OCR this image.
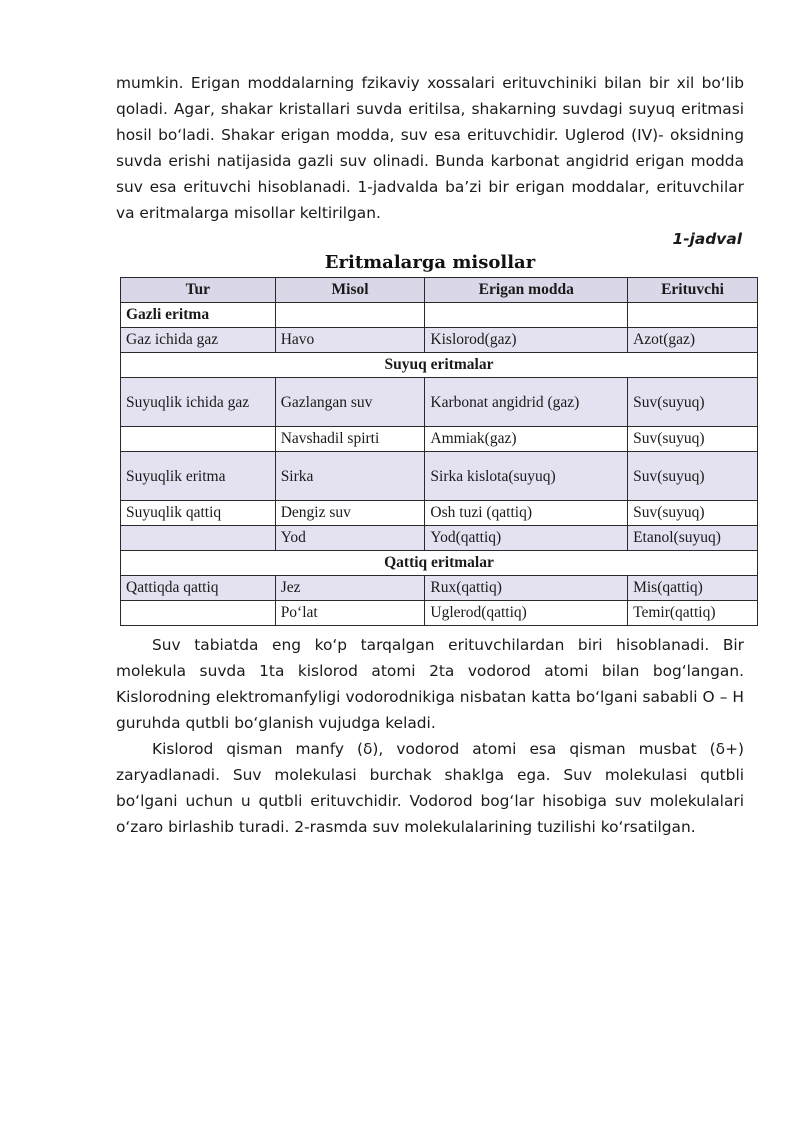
mumkin. Erigan moddalarning fzikaviy xossalari erituvchiniki bilan bir xil bo‘lib qoladi. Agar, shakar kristallari suvda eritilsa, shakarning suvdagi suyuq eritmasi hosil bo‘ladi. Shakar erigan modda, suv esa erituvchidir. Uglerod (IV)- oksidning suvda erishi natijasida gazli suv olinadi. Bunda karbonat angidrid erigan modda suv esa erituvchi hisoblanadi. 1-jadvalda ba’zi bir erigan moddalar, erituvchilar va eritmalarga misollar keltirilgan.

1-jadval

Eritmalarga misollar

Tur	Misol	Erigan modda	Erituvchi
Gazli eritma			
Gaz ichida gaz	Havo	Kislorod(gaz)	Azot(gaz)
Suyuq eritmalar			
Suyuqlik ichida gaz	Gazlangan suv	Karbonat angidrid (gaz)	Suv(suyuq)
	Navshadil spirti	Ammiak(gaz)	Suv(suyuq)
Suyuqlik eritma	Sirka	Sirka kislota(suyuq)	Suv(suyuq)
Suyuqlik qattiq	Dengiz suv	Osh tuzi (qattiq)	Suv(suyuq)
	Yod	Yod(qattiq)	Etanol(suyuq)
Qattiq eritmalar			
Qattiqda qattiq	Jez	Rux(qattiq)	Mis(qattiq)
	Po‘lat	Uglerod(qattiq)	Temir(qattiq)

Suv tabiatda eng ko‘p tarqalgan erituvchilardan biri hisoblanadi. Bir molekula suvda 1ta kislorod atomi 2ta vodorod atomi bilan bog‘langan. Kislorodning elektromanfyligi vodorodnikiga nisbatan katta bo‘lgani sababli O – H guruhda qutbli bo‘glanish vujudga keladi.

Kislorod qisman manfy (δ), vodorod atomi esa qisman musbat (δ+) zaryadlanadi. Suv molekulasi burchak shaklga ega. Suv molekulasi qutbli bo‘lgani uchun u qutbli erituvchidir. Vodorod bog‘lar hisobiga suv molekulalari o‘zaro birlashib turadi. 2-rasmda suv molekulalarining tuzilishi ko‘rsatilgan.
